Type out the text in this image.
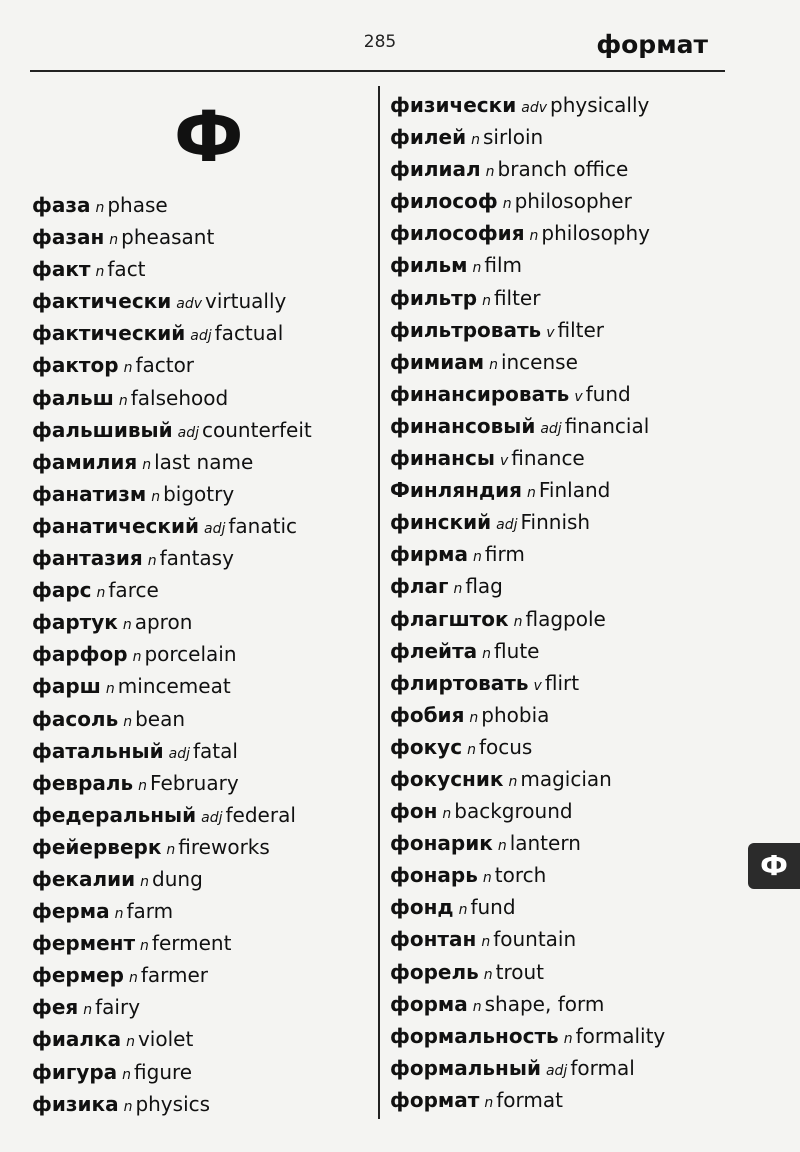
285	формат
Ф
фаза n phase
фазан n pheasant
факт n fact
фактически adv virtually
фактический adj factual
фактор n factor
фальш n falsehood
фальшивый adj counterfeit
фамилия n last name
фанатизм n bigotry
фанатический adj fanatic
фантазия n fantasy
фарс n farce
фартук n apron
фарфор n porcelain
фарш n mincemeat
фасоль n bean
фатальный adj fatal
февраль n February
федеральный adj federal
фейерверк n fireworks
фекалии n dung
ферма n farm
фермент n ferment
фермер n farmer
фея n fairy
фиалка n violet
фигура n figure
физика n physics
физически adv physically
филей n sirloin
филиал n branch office
философ n philosopher
философия n philosophy
фильм n film
фильтр n filter
фильтровать v filter
фимиам n incense
финансировать v fund
финансовый adj financial
финансы v finance
Финляндия n Finland
финский adj Finnish
фирма n firm
флаг n flag
флагшток n flagpole
флейта n flute
флиртовать v flirt
фобия n phobia
фокус n focus
фокусник n magician
фон n background
фонарик n lantern
фонарь n torch
фонд n fund
фонтан n fountain
форель n trout
форма n shape, form
формальность n formality
формальный adj formal
формат n format
Ф
